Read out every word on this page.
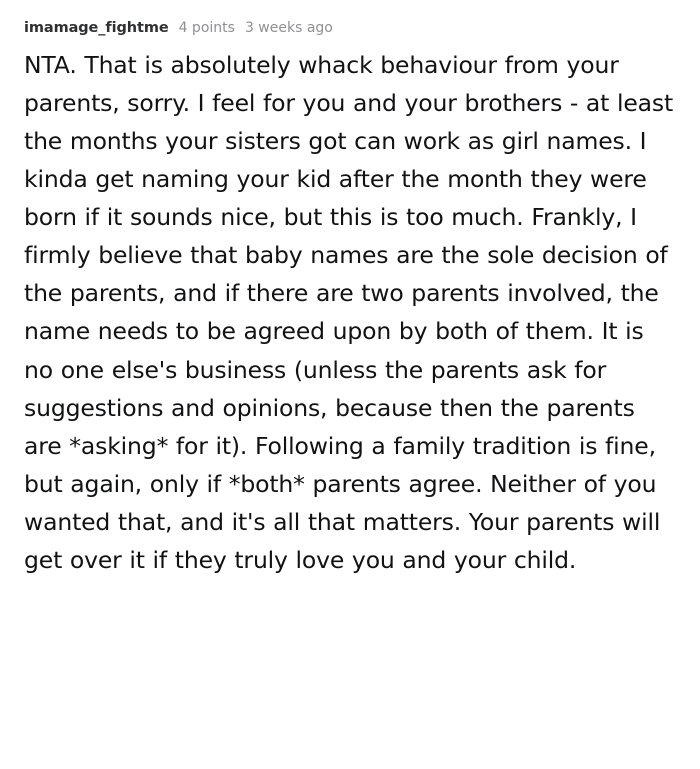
imamage_fightme 4 points 3 weeks ago

NTA. That is absolutely whack behaviour from your parents, sorry. I feel for you and your brothers - at least the months your sisters got can work as girl names. I kinda get naming your kid after the month they were born if it sounds nice, but this is too much. Frankly, I firmly believe that baby names are the sole decision of the parents, and if there are two parents involved, the name needs to be agreed upon by both of them. It is no one else's business (unless the parents ask for suggestions and opinions, because then the parents are *asking* for it). Following a family tradition is fine, but again, only if *both* parents agree. Neither of you wanted that, and it's all that matters. Your parents will get over it if they truly love you and your child.
